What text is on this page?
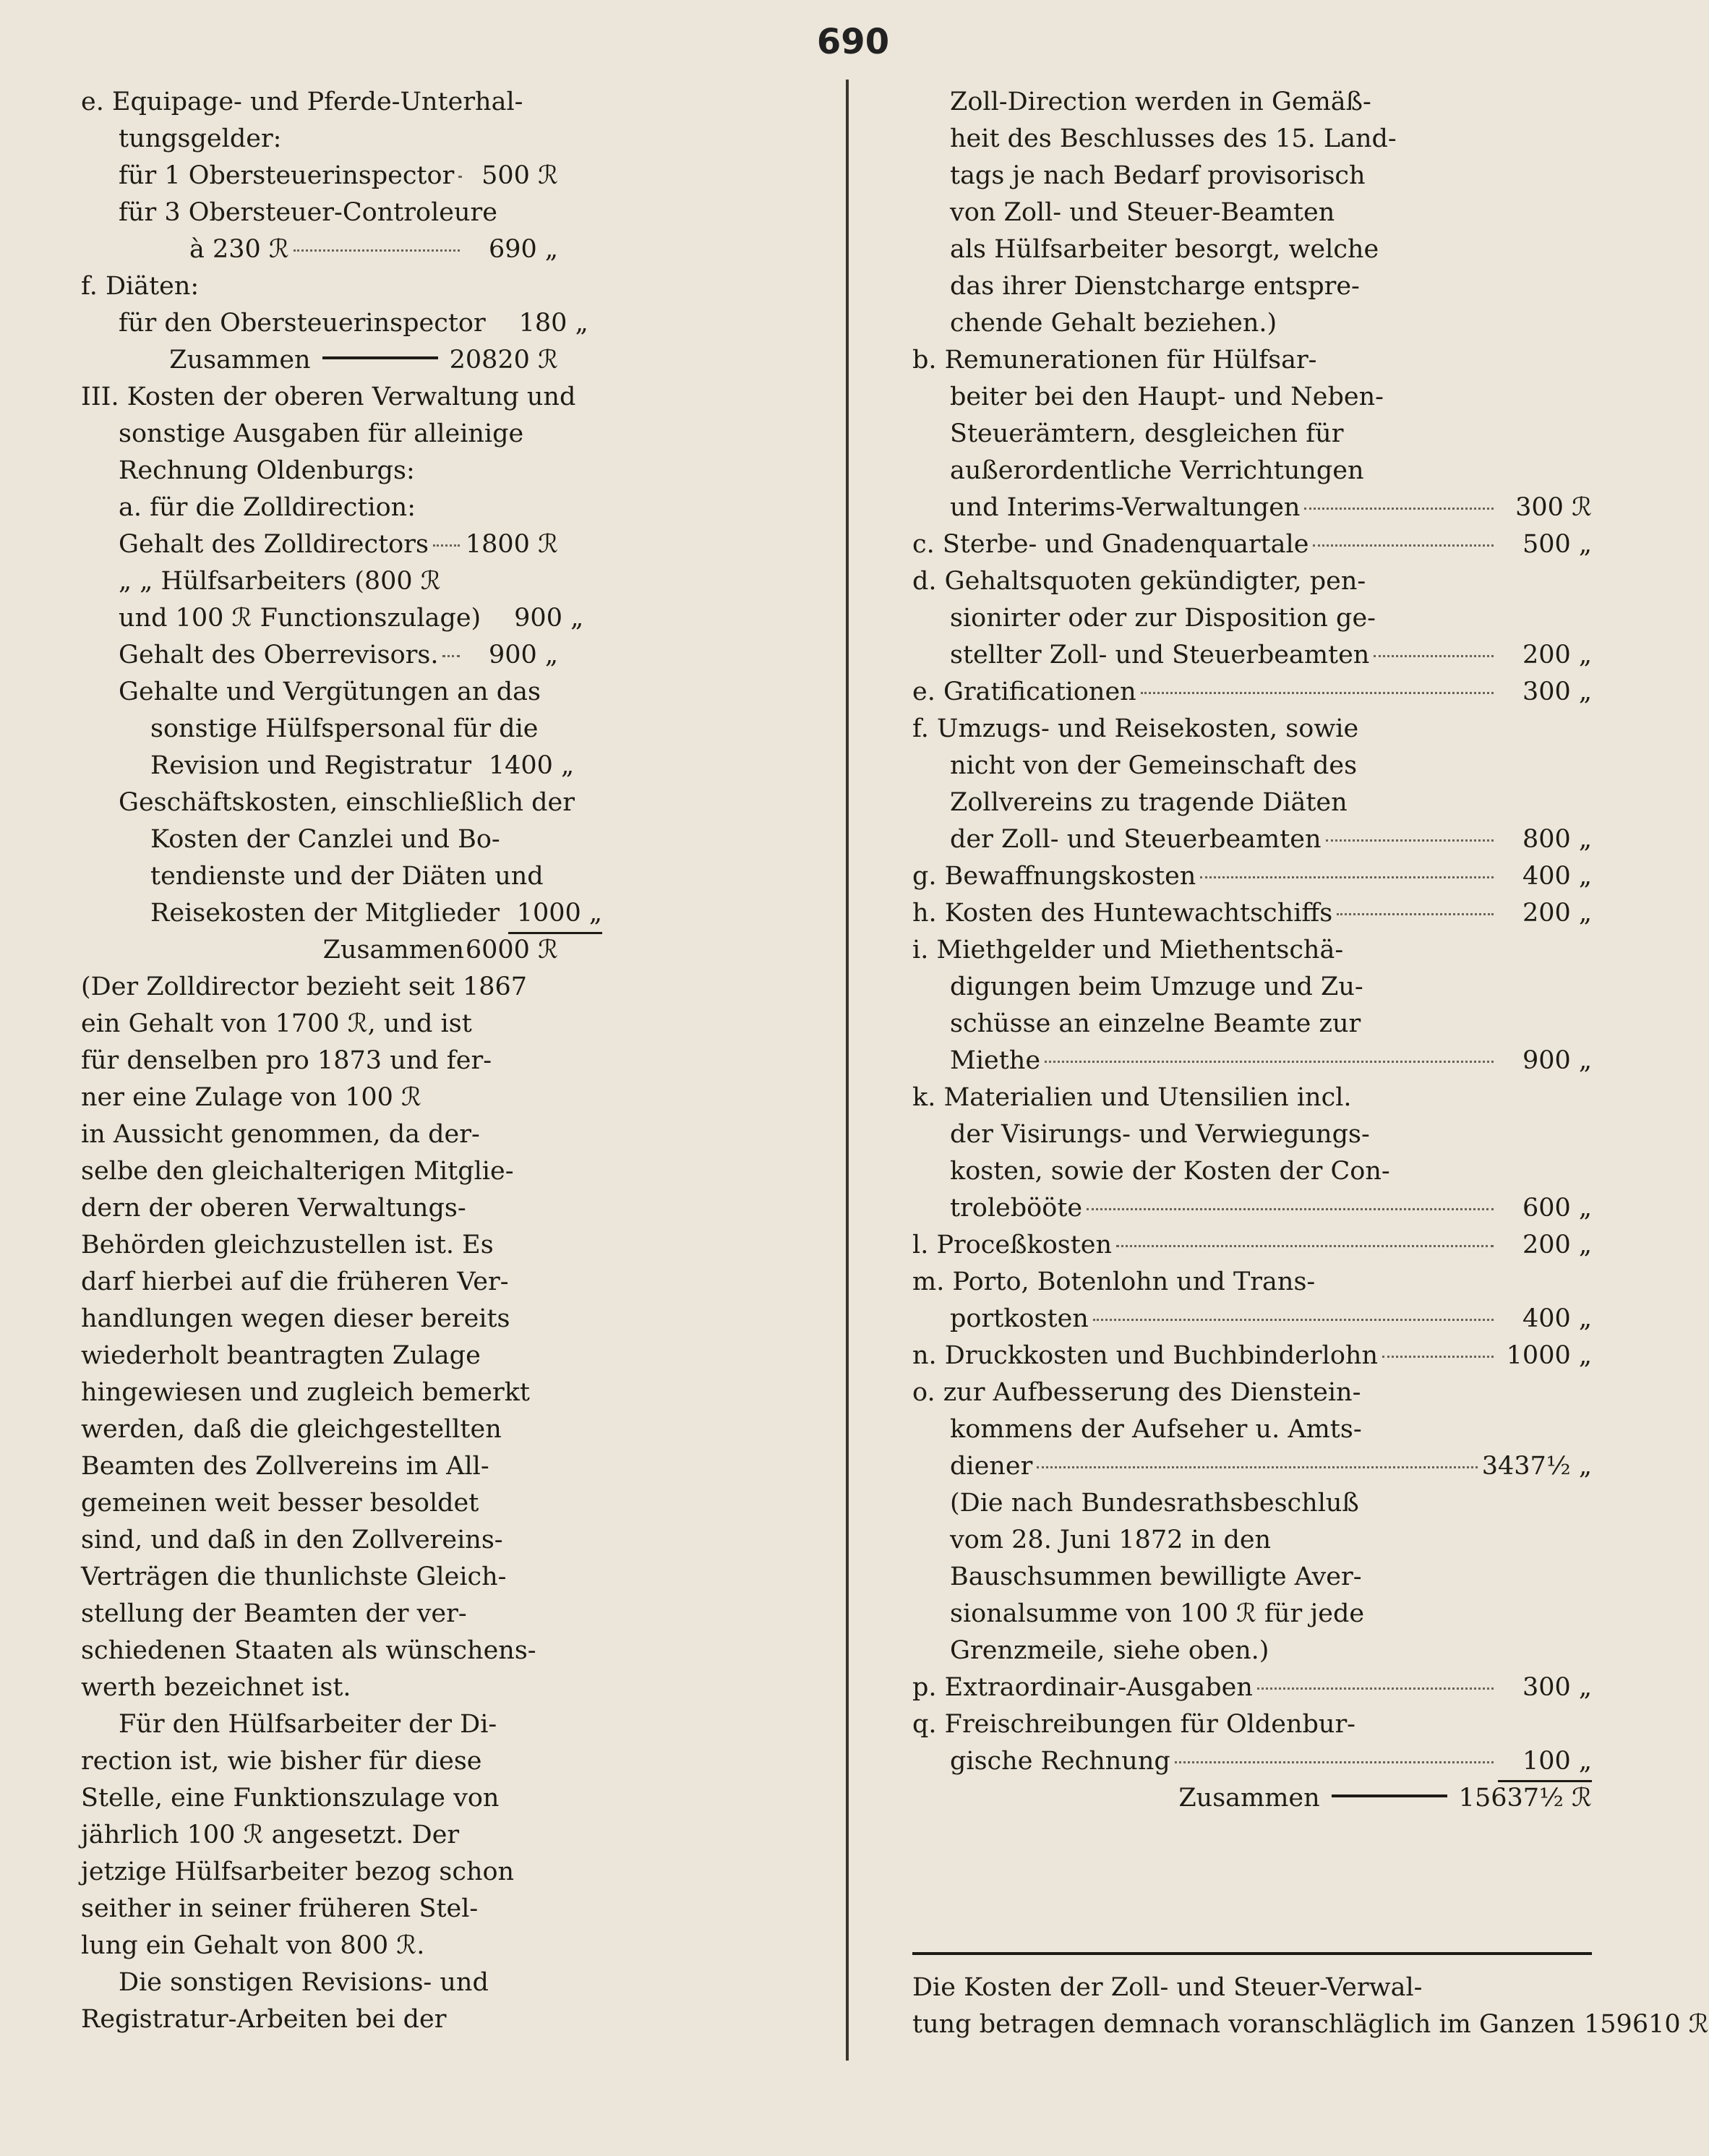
690
e. Equipage- und Pferde-Unterhal-
tungsgelder:
für 1 Obersteuerinspector	500 ℛ
für 3 Obersteuer-Controleure
à 230 ℛ	690 „
f. Diäten:
für den Obersteuerinspector	180 „
Zusammen	20820 ℛ
III. Kosten der oberen Verwaltung und
sonstige Ausgaben für alleinige
Rechnung Oldenburgs:
a. für die Zolldirection:
Gehalt des Zolldirectors 1800 ℛ
„ „ Hülfsarbeiters (800 ℛ
und 100 ℛ Functionszulage)	900 „
Gehalt des Oberrevisors.	900 „
Gehalte und Vergütungen an das
sonstige Hülfspersonal für die
Revision und Registratur 1400 „
Geschäftskosten, einschließlich der
Kosten der Canzlei und Bo-
tendienste und der Diäten und
Reisekosten der Mitglieder 1000 „
Zusammen 6000 ℛ
(Der Zolldirector bezieht seit 1867
ein Gehalt von 1700 ℛ, und ist
für denselben pro 1873 und fer-
ner eine Zulage von 100 ℛ
in Aussicht genommen, da der-
selbe den gleichalterigen Mitglie-
dern der oberen Verwaltungs-
Behörden gleichzustellen ist. Es
darf hierbei auf die früheren Ver-
handlungen wegen dieser bereits
wiederholt beantragten Zulage
hingewiesen und zugleich bemerkt
werden, daß die gleichgestellten
Beamten des Zollvereins im All-
gemeinen weit besser besoldet
sind, und daß in den Zollvereins-
Verträgen die thunlichste Gleich-
stellung der Beamten der ver-
schiedenen Staaten als wünschens-
werth bezeichnet ist.
Für den Hülfsarbeiter der Di-
rection ist, wie bisher für diese
Stelle, eine Funktionszulage von
jährlich 100 ℛ angesetzt. Der
jetzige Hülfsarbeiter bezog schon
seither in seiner früheren Stel-
lung ein Gehalt von 800 ℛ.
Die sonstigen Revisions- und
Registratur-Arbeiten bei der
Zoll-Direction werden in Gemäß-
heit des Beschlusses des 15. Land-
tags je nach Bedarf provisorisch
von Zoll- und Steuer-Beamten
als Hülfsarbeiter besorgt, welche
das ihrer Dienstcharge entspre-
chende Gehalt beziehen.)
b. Remunerationen für Hülfsar-
beiter bei den Haupt- und Neben-
Steuerämtern, desgleichen für
außerordentliche Verrichtungen
und Interims-Verwaltungen	300 ℛ
c. Sterbe- und Gnadenquartale	500 „
d. Gehaltsquoten gekündigter, pen-
sionirter oder zur Disposition ge-
stellter Zoll- und Steuerbeamten	200 „
e. Gratificationen	300 „
f. Umzugs- und Reisekosten, sowie
nicht von der Gemeinschaft des
Zollvereins zu tragende Diäten
der Zoll- und Steuerbeamten	800 „
g. Bewaffnungskosten	400 „
h. Kosten des Huntewachtschiffs	200 „
i. Miethgelder und Miethentschä-
digungen beim Umzuge und Zu-
schüsse an einzelne Beamte zur
Miethe	900 „
k. Materialien und Utensilien incl.
der Visirungs- und Verwiegungs-
kosten, sowie der Kosten der Con-
trolebööte	600 „
l. Proceßkosten	200 „
m. Porto, Botenlohn und Trans-
portkosten	400 „
n. Druckkosten und Buchbinderlohn	1000 „
o. zur Aufbesserung des Dienstein-
kommens der Aufseher u. Amts-
diener	3437½ „
(Die nach Bundesrathsbeschluß
vom 28. Juni 1872 in den
Bauschsummen bewilligte Aver-
sionalsumme von 100 ℛ für jede
Grenzmeile, siehe oben.)
p. Extraordinair-Ausgaben	300 „
q. Freischreibungen für Oldenbur-
gische Rechnung	100 „
Zusammen	15637½ ℛ
Die Kosten der Zoll- und Steuer-Verwal-
tung betragen demnach voranschläglich im Ganzen 159610 ℛ
